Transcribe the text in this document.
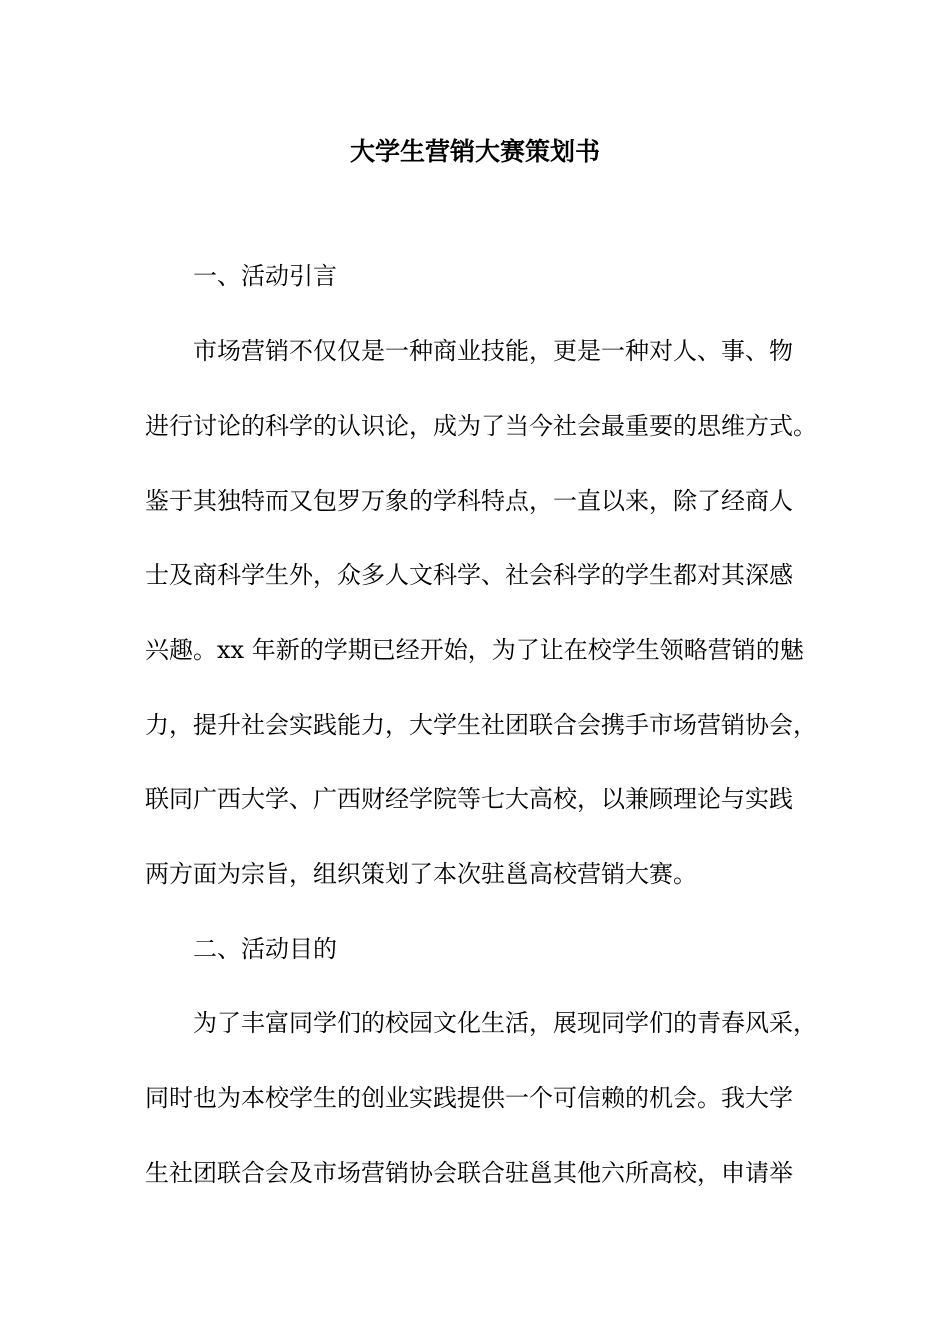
大学生营销大赛策划书
一、活动引言
市场营销不仅仅是一种商业技能，更是一种对人、事、物
进行讨论的科学的认识论，成为了当今社会最重要的思维方式。
鉴于其独特而又包罗万象的学科特点，一直以来，除了经商人
士及商科学生外，众多人文科学、社会科学的学生都对其深感
兴趣。xx 年新的学期已经开始，为了让在校学生领略营销的魅
力，提升社会实践能力，大学生社团联合会携手市场营销协会，
联同广西大学、广西财经学院等七大高校，以兼顾理论与实践
两方面为宗旨，组织策划了本次驻邕高校营销大赛。
二、活动目的
为了丰富同学们的校园文化生活，展现同学们的青春风采，
同时也为本校学生的创业实践提供一个可信赖的机会。我大学
生社团联合会及市场营销协会联合驻邕其他六所高校，申请举
